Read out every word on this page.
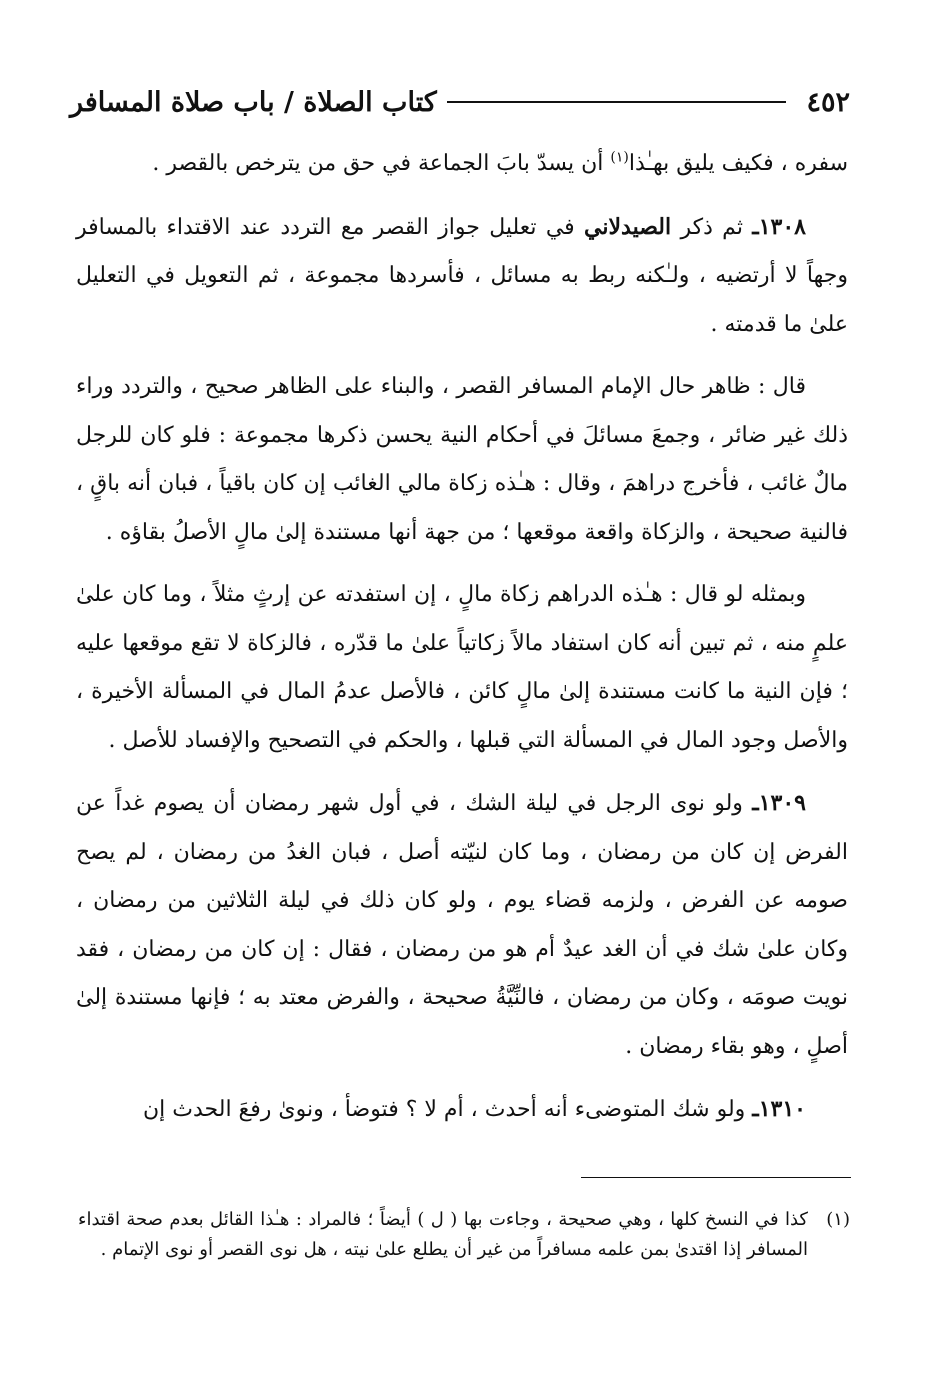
٤٥٢
كتاب الصلاة / باب صلاة المسافر

سفره ، فكيف يليق بهـٰذا$^{(١)}$ أن يسدّ بابَ الجماعة في حق من يترخص بالقصر .

١٣٠٨ـ ثم ذكر الصيدلاني في تعليل جواز القصر مع التردد عند الاقتداء بالمسافر وجهاً لا أرتضيه ، ولـٰكنه ربط به مسائل ، فأسردها مجموعة ، ثم التعويل في التعليل علىٰ ما قدمته .

قال : ظاهر حال الإمام المسافر القصر ، والبناء على الظاهر صحيح ، والتردد وراء ذلك غير ضائر ، وجمعَ مسائلَ في أحكام النية يحسن ذكرها مجموعة : فلو كان للرجل مالٌ غائب ، فأخرج دراهمَ ، وقال : هـٰذه زكاة مالي الغائب إن كان باقياً ، فبان أنه باقٍ ، فالنية صحيحة ، والزكاة واقعة موقعها ؛ من جهة أنها مستندة إلىٰ مالٍ الأصلُ بقاؤه .

وبمثله لو قال : هـٰذه الدراهم زكاة مالٍ ، إن استفدته عن إرثٍ مثلاً ، وما كان علىٰ علمٍ منه ، ثم تبين أنه كان استفاد مالاً زكاتياً علىٰ ما قدّره ، فالزكاة لا تقع موقعها عليه ؛ فإن النية ما كانت مستندة إلىٰ مالٍ كائن ، فالأصل عدمُ المال في المسألة الأخيرة ، والأصل وجود المال في المسألة التي قبلها ، والحكم في التصحيح والإفساد للأصل .

١٣٠٩ـ ولو نوى الرجل في ليلة الشك ، في أول شهر رمضان أن يصوم غداً عن الفرض إن كان من رمضان ، وما كان لنيّته أصل ، فبان الغدُ من رمضان ، لم يصح صومه عن الفرض ، ولزمه قضاء يوم ، ولو كان ذلك في ليلة الثلاثين من رمضان ، وكان علىٰ شك في أن الغد عيدٌ أم هو من رمضان ، فقال : إن كان من رمضان ، فقد نويت صومَه ، وكان من رمضان ، فالنِّيَّةُ صحيحة ، والفرض معتد به ؛ فإنها مستندة إلىٰ أصلٍ ، وهو بقاء رمضان .

١٣١٠ـ ولو شك المتوضىء أنه أحدث ، أم لا ؟ فتوضأ ، ونوىٰ رفعَ الحدث إن

(١)
كذا في النسخ كلها ، وهي صحيحة ، وجاءت بها ( ل ) أيضاً ؛ فالمراد : هـٰذا القائل بعدم صحة اقتداء المسافر إذا اقتدىٰ بمن علمه مسافراً من غير أن يطلع علىٰ نيته ، هل نوى القصر أو نوى الإتمام .
